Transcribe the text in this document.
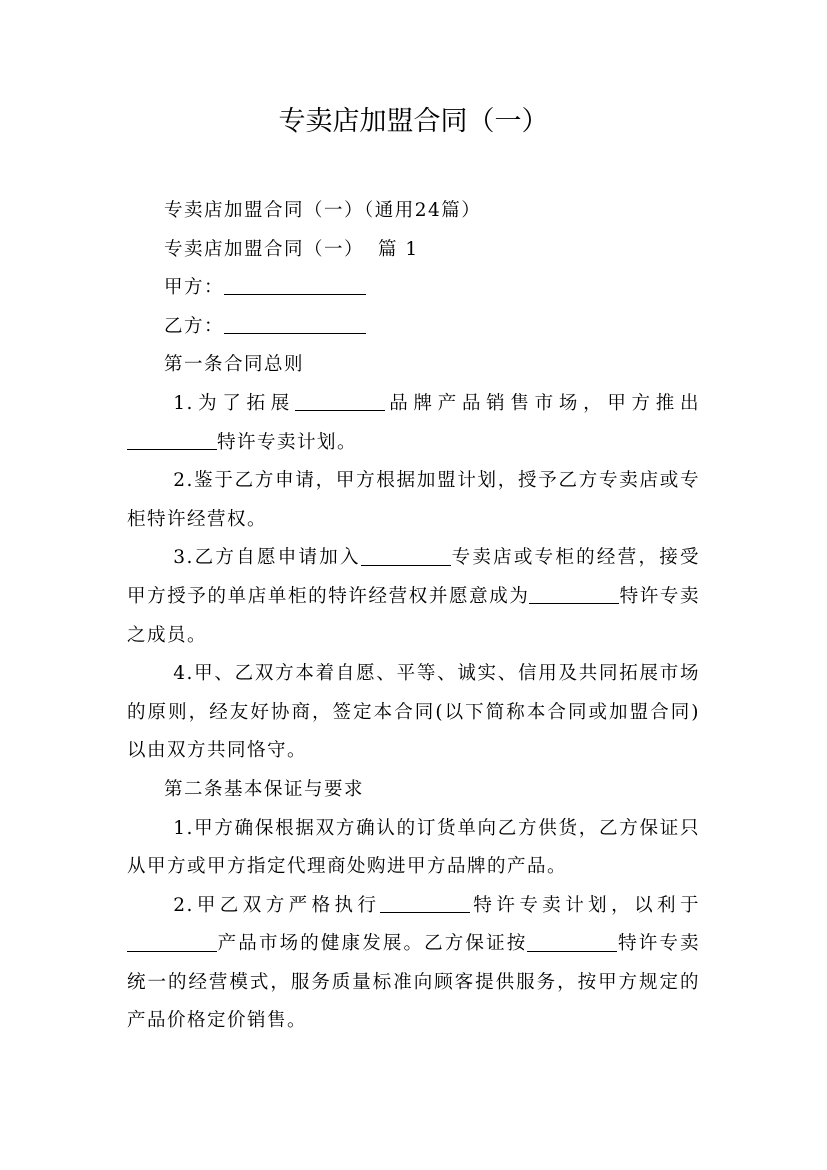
专卖店加盟合同（一）

专卖店加盟合同（一）（通用24篇）

专卖店加盟合同（一） 篇 1

甲方：

乙方：

第一条合同总则

1.为了拓展	品牌产品销售市场，甲方推出特许专卖计划。

2.鉴于乙方申请，甲方根据加盟计划，授予乙方专卖店或专柜特许经营权。

3.乙方自愿申请加入	专卖店或专柜的经营，接受甲方授予的单店单柜的特许经营权并愿意成为	特许专卖之成员。

4.甲、乙双方本着自愿、平等、诚实、信用及共同拓展市场的原则，经友好协商，签定本合同(以下简称本合同或加盟合同)以由双方共同恪守。

第二条基本保证与要求

1.甲方确保根据双方确认的订货单向乙方供货，乙方保证只从甲方或甲方指定代理商处购进甲方品牌的产品。

2.甲乙双方严格执行	特许专卖计划，以利于产品市场的健康发展。乙方保证按	特许专卖统一的经营模式，服务质量标准向顾客提供服务，按甲方规定的产品价格定价销售。
